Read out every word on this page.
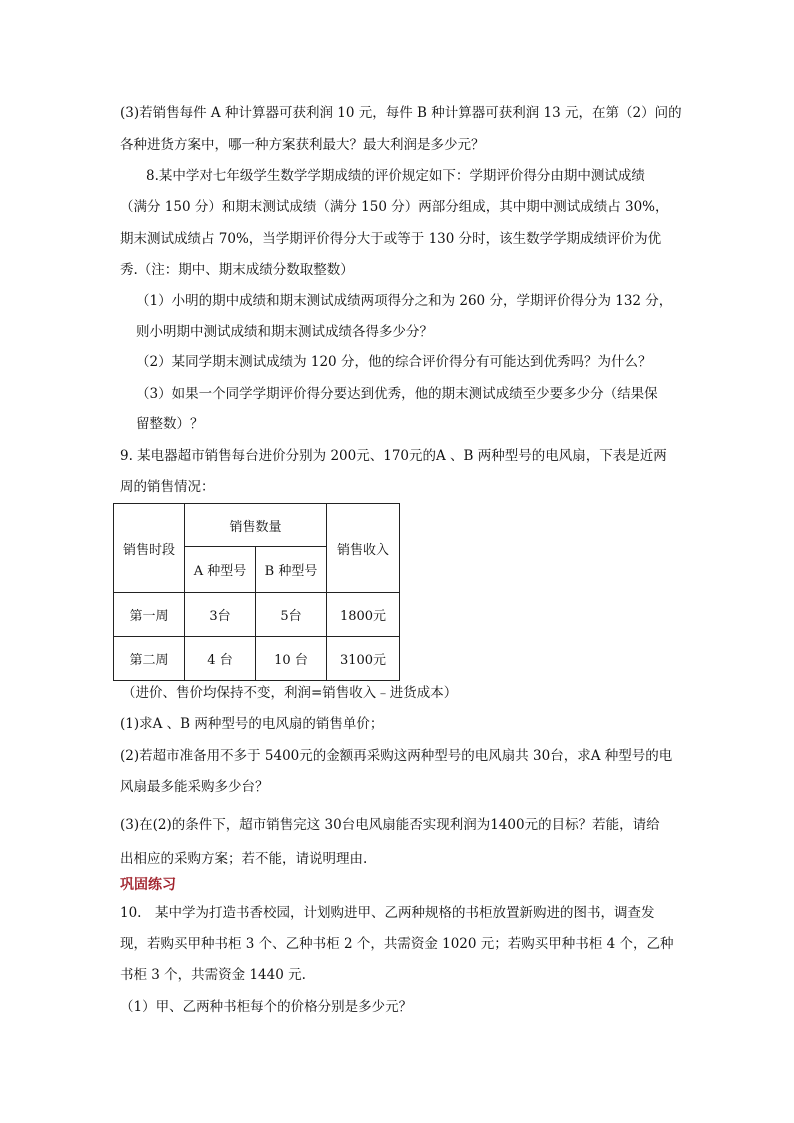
(3)若销售每件 A 种计算器可获利润 10 元，每件 B 种计算器可获利润 13 元，在第（2）问的
各种进货方案中，哪一种方案获利最大？最大利润是多少元？
8.某中学对七年级学生数学学期成绩的评价规定如下：学期评价得分由期中测试成绩
（满分 150 分）和期末测试成绩（满分 150 分）两部分组成，其中期中测试成绩占 30%，
期末测试成绩占 70%，当学期评价得分大于或等于 130 分时，该生数学学期成绩评价为优
秀.（注：期中、期末成绩分数取整数）
（1）小明的期中成绩和期末测试成绩两项得分之和为 260 分，学期评价得分为 132 分，
则小明期中测试成绩和期末测试成绩各得多少分？
（2）某同学期末测试成绩为 120 分，他的综合评价得分有可能达到优秀吗？为什么？
（3）如果一个同学学期评价得分要达到优秀，他的期末测试成绩至少要多少分（结果保
留整数）？
9. 某电器超市销售每台进价分别为 200元、170元的A 、B 两种型号的电风扇，下表是近两
周的销售情况：
销售时段	销售数量		销售收入
	A 种型号	B 种型号	
第一周	3台	5台	1800元
第二周	4 台	10 台	3100元
（进价、售价均保持不变，利润=销售收入﹣进货成本）
(1)求A 、B 两种型号的电风扇的销售单价；
(2)若超市准备用不多于 5400元的金额再采购这两种型号的电风扇共 30台，求A 种型号的电
风扇最多能采购多少台？
(3)在(2)的条件下，超市销售完这 30台电风扇能否实现利润为1400元的目标？若能，请给
出相应的采购方案；若不能，请说明理由.
巩固练习
10.　某中学为打造书香校园，计划购进甲、乙两种规格的书柜放置新购进的图书，调查发
现，若购买甲种书柜 3 个、乙种书柜 2 个，共需资金 1020 元；若购买甲种书柜 4 个，乙种
书柜 3 个，共需资金 1440 元.
（1）甲、乙两种书柜每个的价格分别是多少元？
